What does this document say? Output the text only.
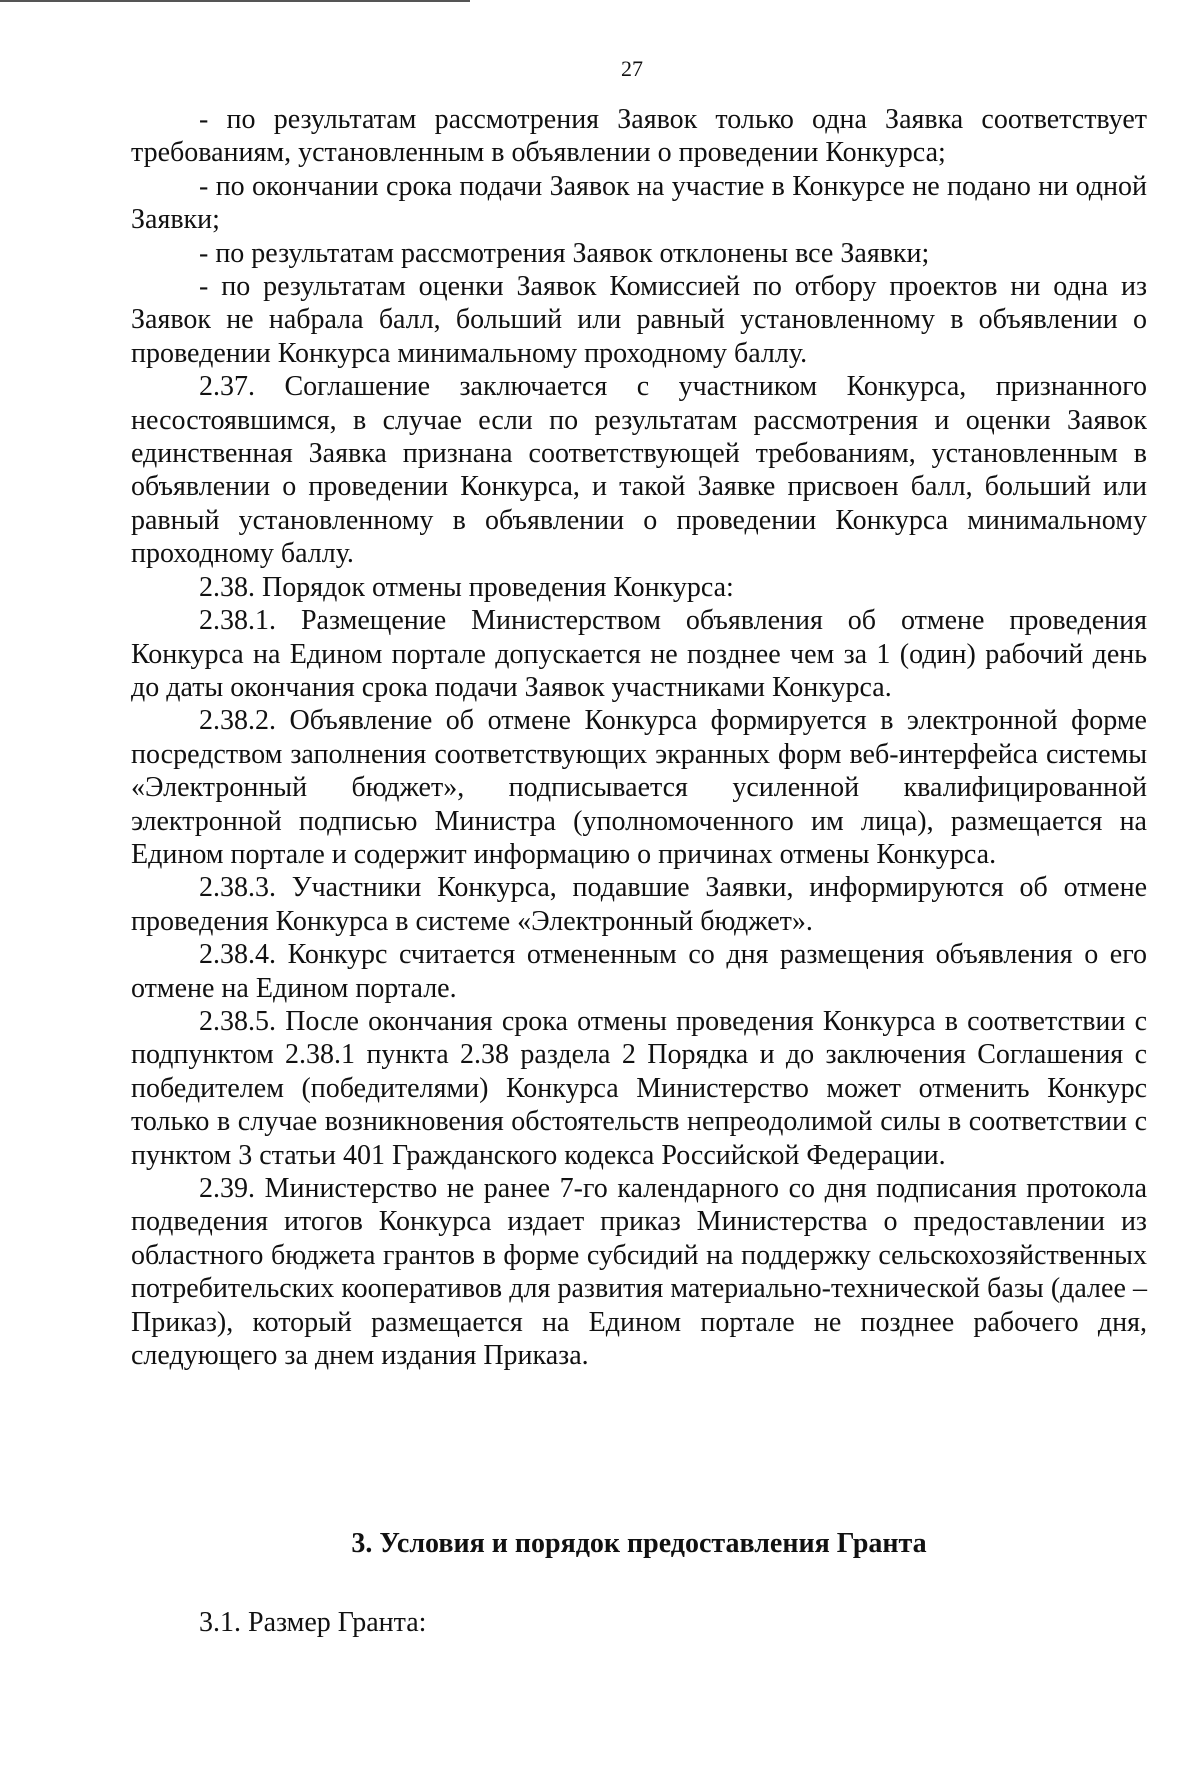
27

- по результатам рассмотрения Заявок только одна Заявка соответствует требованиям, установленным в объявлении о проведении Конкурса;

- по окончании срока подачи Заявок на участие в Конкурсе не подано ни одной Заявки;

- по результатам рассмотрения Заявок отклонены все Заявки;

- по результатам оценки Заявок Комиссией по отбору проектов ни одна из Заявок не набрала балл, больший или равный установленному в объявлении о проведении Конкурса минимальному проходному баллу.

2.37. Соглашение заключается с участником Конкурса, признанного несостоявшимся, в случае если по результатам рассмотрения и оценки Заявок единственная Заявка признана соответствующей требованиям, установленным в объявлении о проведении Конкурса, и такой Заявке присвоен балл, больший или равный установленному в объявлении о проведении Конкурса минимальному проходному баллу.

2.38. Порядок отмены проведения Конкурса:

2.38.1. Размещение Министерством объявления об отмене проведения Конкурса на Едином портале допускается не позднее чем за 1 (один) рабочий день до даты окончания срока подачи Заявок участниками Конкурса.

2.38.2. Объявление об отмене Конкурса формируется в электронной форме посредством заполнения соответствующих экранных форм веб-интерфейса системы «Электронный бюджет», подписывается усиленной квалифицированной электронной подписью Министра (уполномоченного им лица), размещается на Едином портале и содержит информацию о причинах отмены Конкурса.

2.38.3. Участники Конкурса, подавшие Заявки, информируются об отмене проведения Конкурса в системе «Электронный бюджет».

2.38.4. Конкурс считается отмененным со дня размещения объявления о его отмене на Едином портале.

2.38.5. После окончания срока отмены проведения Конкурса в соответствии с подпунктом 2.38.1 пункта 2.38 раздела 2 Порядка и до заключения Соглашения с победителем (победителями) Конкурса Министерство может отменить Конкурс только в случае возникновения обстоятельств непреодолимой силы в соответствии с пунктом 3 статьи 401 Гражданского кодекса Российской Федерации.

2.39. Министерство не ранее 7-го календарного со дня подписания протокола подведения итогов Конкурса издает приказ Министерства о предоставлении из областного бюджета грантов в форме субсидий на поддержку сельскохозяйственных потребительских кооперативов для развития материально-технической базы (далее – Приказ), который размещается на Едином портале не позднее рабочего дня, следующего за днем издания Приказа.

3. Условия и порядок предоставления Гранта

3.1. Размер Гранта:
